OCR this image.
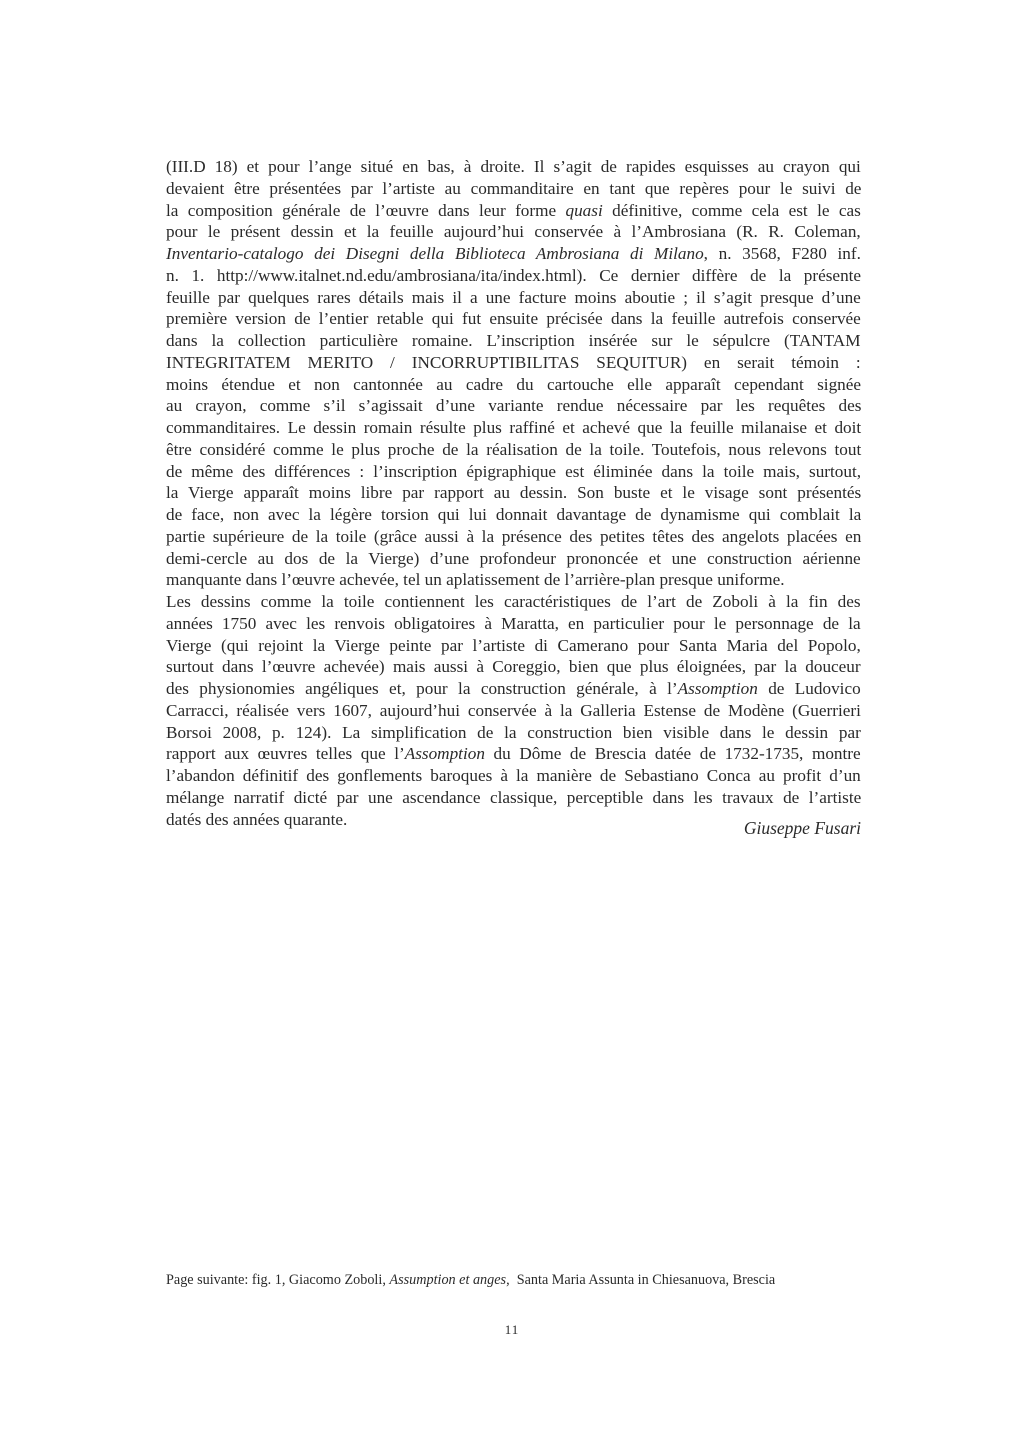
(III.D 18) et pour l’ange situé en bas, à droite. Il s’agit de rapides esquisses au crayon qui
devaient être présentées par l’artiste au commanditaire en tant que repères pour le suivi de
la composition générale de l’œuvre dans leur forme quasi définitive, comme cela est le cas
pour le présent dessin et la feuille aujourd’hui conservée à l’Ambrosiana (R. R. Coleman,
Inventario-catalogo dei Disegni della Biblioteca Ambrosiana di Milano, n. 3568, F280 inf.
n. 1. http://www.italnet.nd.edu/ambrosiana/ita/index.html). Ce dernier diffère de la présente
feuille par quelques rares détails mais il a une facture moins aboutie ; il s’agit presque d’une
première version de l’entier retable qui fut ensuite précisée dans la feuille autrefois conservée
dans la collection particulière romaine. L’inscription insérée sur le sépulcre (TANTAM
INTEGRITATEM MERITO / INCORRUPTIBILITAS SEQUITUR) en serait témoin :
moins étendue et non cantonnée au cadre du cartouche elle apparaît cependant signée
au crayon, comme s’il s’agissait d’une variante rendue nécessaire par les requêtes des
commanditaires. Le dessin romain résulte plus raffiné et achevé que la feuille milanaise et doit
être considéré comme le plus proche de la réalisation de la toile. Toutefois, nous relevons tout
de même des différences : l’inscription épigraphique est éliminée dans la toile mais, surtout,
la Vierge apparaît moins libre par rapport au dessin. Son buste et le visage sont présentés
de face, non avec la légère torsion qui lui donnait davantage de dynamisme qui comblait la
partie supérieure de la toile (grâce aussi à la présence des petites têtes des angelots placées en
demi-cercle au dos de la Vierge) d’une profondeur prononcée et une construction aérienne
manquante dans l’œuvre achevée, tel un aplatissement de l’arrière-plan presque uniforme.
Les dessins comme la toile contiennent les caractéristiques de l’art de Zoboli à la fin des
années 1750 avec les renvois obligatoires à Maratta, en particulier pour le personnage de la
Vierge (qui rejoint la Vierge peinte par l’artiste di Camerano pour Santa Maria del Popolo,
surtout dans l’œuvre achevée) mais aussi à Coreggio, bien que plus éloignées, par la douceur
des physionomies angéliques et, pour la construction générale, à l’Assomption de Ludovico
Carracci, réalisée vers 1607, aujourd’hui conservée à la Galleria Estense de Modène (Guerrieri
Borsoi 2008, p. 124). La simplification de la construction bien visible dans le dessin par
rapport aux œuvres telles que l’Assomption du Dôme de Brescia datée de 1732-1735, montre
l’abandon définitif des gonflements baroques à la manière de Sebastiano Conca au profit d’un
mélange narratif dicté par une ascendance classique, perceptible dans les travaux de l’artiste
datés des années quarante.	Giuseppe Fusari
Page suivante: fig. 1, Giacomo Zoboli, Assumption et anges,  Santa Maria Assunta in Chiesanuova, Brescia
11
